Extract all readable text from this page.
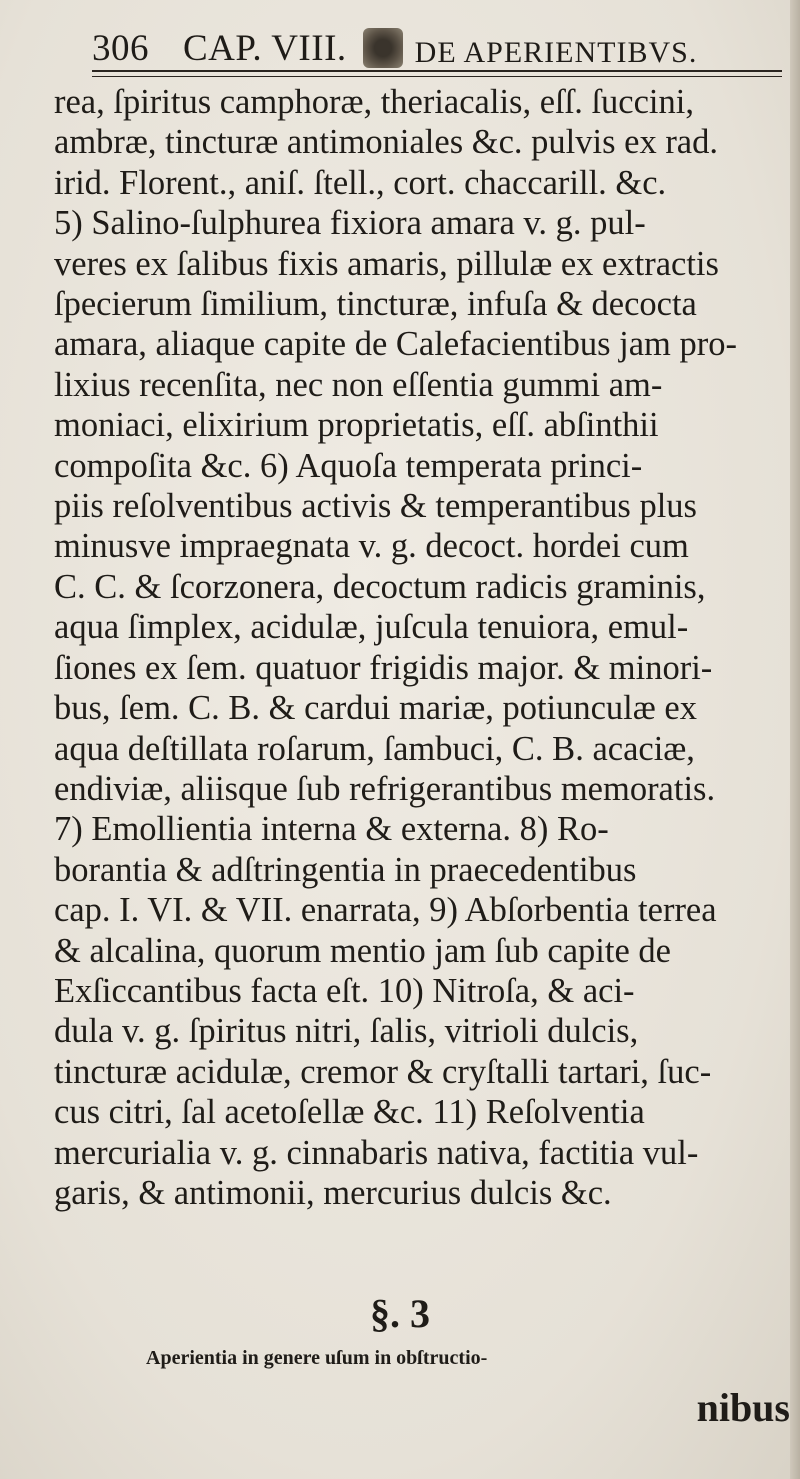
306 CAP. VIII. DE APERIENTIBVS.
rea, ſpiritus camphoræ, theriacalis, eſſ. ſuccini,
ambræ, tincturæ antimoniales &c. pulvis ex rad.
irid. Florent., aniſ. ſtell., cort. chaccarill. &c.
5) Salino-ſulphurea fixiora amara v. g. pul-
veres ex ſalibus fixis amaris, pillulæ ex extractis
ſpecierum ſimilium, tincturæ, infuſa & decocta
amara, aliaque capite de Calefacientibus jam pro-
lixius recenſita, nec non eſſentia gummi am-
moniaci, elixirium proprietatis, eſſ. abſinthii
compoſita &c. 6) Aquoſa temperata princi-
piis reſolventibus activis & temperantibus plus
minusve impraegnata v. g. decoct. hordei cum
C. C. & ſcorzonera, decoctum radicis graminis,
aqua ſimplex, acidulæ, juſcula tenuiora, emul-
ſiones ex ſem. quatuor frigidis major. & minori-
bus, ſem. C. B. & cardui mariæ, potiunculæ ex
aqua deſtillata roſarum, ſambuci, C. B. acaciæ,
endiviæ, aliisque ſub refrigerantibus memoratis.
7) Emollientia interna & externa. 8) Ro-
borantia & adſtringentia in praecedentibus
cap. I. VI. & VII. enarrata, 9) Abſorbentia terrea
& alcalina, quorum mentio jam ſub capite de
Exſiccantibus facta eſt. 10) Nitroſa, & aci-
dula v. g. ſpiritus nitri, ſalis, vitrioli dulcis,
tincturæ acidulæ, cremor & cryſtalli tartari, ſuc-
cus citri, ſal acetoſellæ &c. 11) Reſolventia
mercurialia v. g. cinnabaris nativa, factitia vul-
garis, & antimonii, mercurius dulcis &c.
§. 3
Aperientia in genere uſum in obſtructio-
nibus
